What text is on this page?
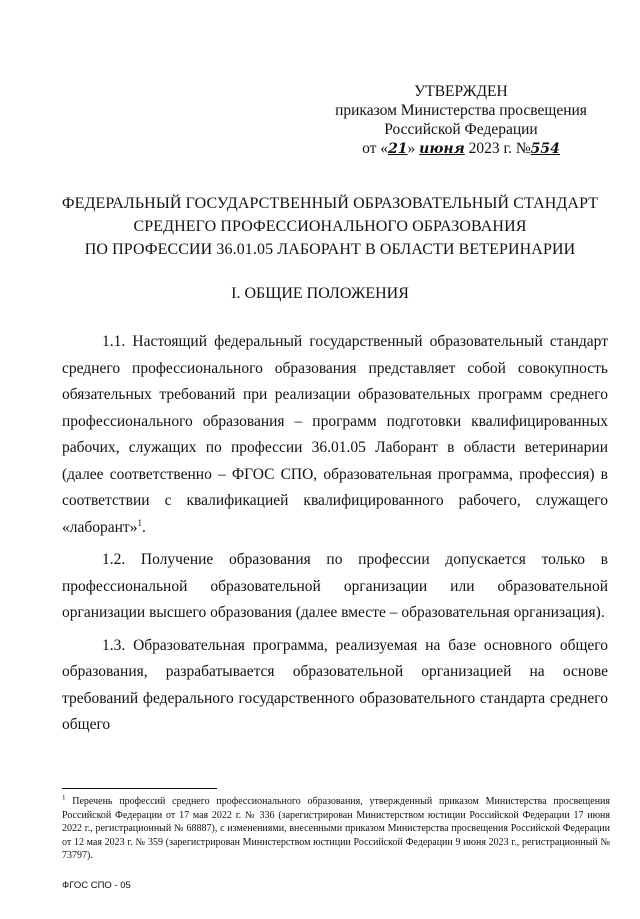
УТВЕРЖДЕН
приказом Министерства просвещения
Российской Федерации
от «21» июня 2023 г. №554
ФЕДЕРАЛЬНЫЙ ГОСУДАРСТВЕННЫЙ ОБРАЗОВАТЕЛЬНЫЙ СТАНДАРТ
СРЕДНЕГО ПРОФЕССИОНАЛЬНОГО ОБРАЗОВАНИЯ
ПО ПРОФЕССИИ 36.01.05 ЛАБОРАНТ В ОБЛАСТИ ВЕТЕРИНАРИИ
I. ОБЩИЕ ПОЛОЖЕНИЯ

1.1. Настоящий федеральный государственный образовательный стандарт среднего профессионального образования представляет собой совокупность обязательных требований при реализации образовательных программ среднего профессионального образования – программ подготовки квалифицированных рабочих, служащих по профессии 36.01.05 Лаборант в области ветеринарии (далее соответственно – ФГОС СПО, образовательная программа, профессия) в соответствии с квалификацией квалифицированного рабочего, служащего «лаборант»$^1$.

1.2. Получение образования по профессии допускается только в профессиональной образовательной организации или образовательной организации высшего образования (далее вместе – образовательная организация).

1.3. Образовательная программа, реализуемая на базе основного общего образования, разрабатывается образовательной организацией на основе требований федерального государственного образовательного стандарта среднего общего

$^1$ Перечень профессий среднего профессионального образования, утвержденный приказом Министерства просвещения Российской Федерации от 17 мая 2022 г. № 336 (зарегистрирован Министерством юстиции Российской Федерации 17 июня 2022 г., регистрационный № 68887), с изменениями, внесенными приказом Министерства просвещения Российской Федерации от 12 мая 2023 г. № 359 (зарегистрирован Министерством юстиции Российской Федерации 9 июня 2023 г., регистрационный № 73797).
ФГОС СПО - 05
